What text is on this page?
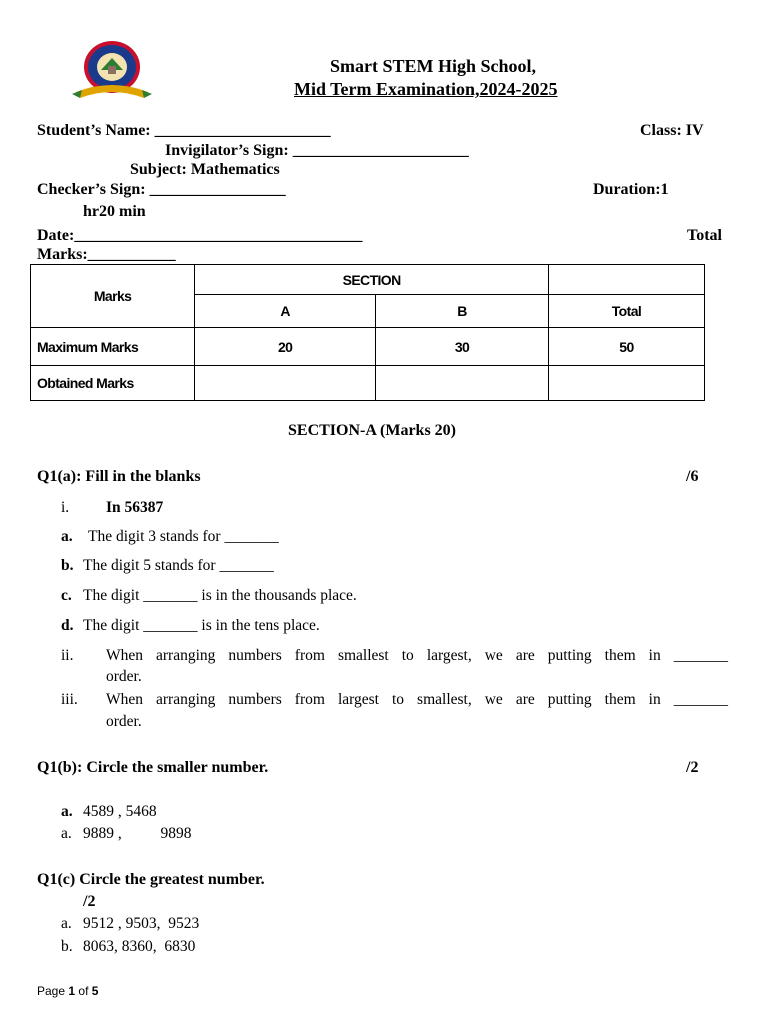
Smart STEM High School,
Mid Term Examination,2024-2025
Student’s Name: ______________________	Class: IV
Invigilator’s Sign: ______________________
Subject: Mathematics
Checker’s Sign: _________________	Duration:1
hr20 min
Date:____________________________________	Total
Marks:___________
Marks	SECTION		
	A	B	Total
Maximum Marks	20	30	50
Obtained Marks			
SECTION-A (Marks 20)
Q1(a): Fill in the blanks	/6
i. In 56387
a. The digit 3 stands for _______
b. The digit 5 stands for _______
c. The digit _______ is in the thousands place.
d. The digit _______ is in the tens place.
ii. When arranging numbers from smallest to largest, we are putting them in _______
order.
iii. When arranging numbers from largest to smallest, we are putting them in _______
order.
Q1(b): Circle the smaller number.	/2
a. 4589 , 5468
a. 9889 ,          9898
Q1(c) Circle the greatest number.
/2
a. 9512 , 9503,  9523
b. 8063, 8360,  6830
Page 1 of 5
